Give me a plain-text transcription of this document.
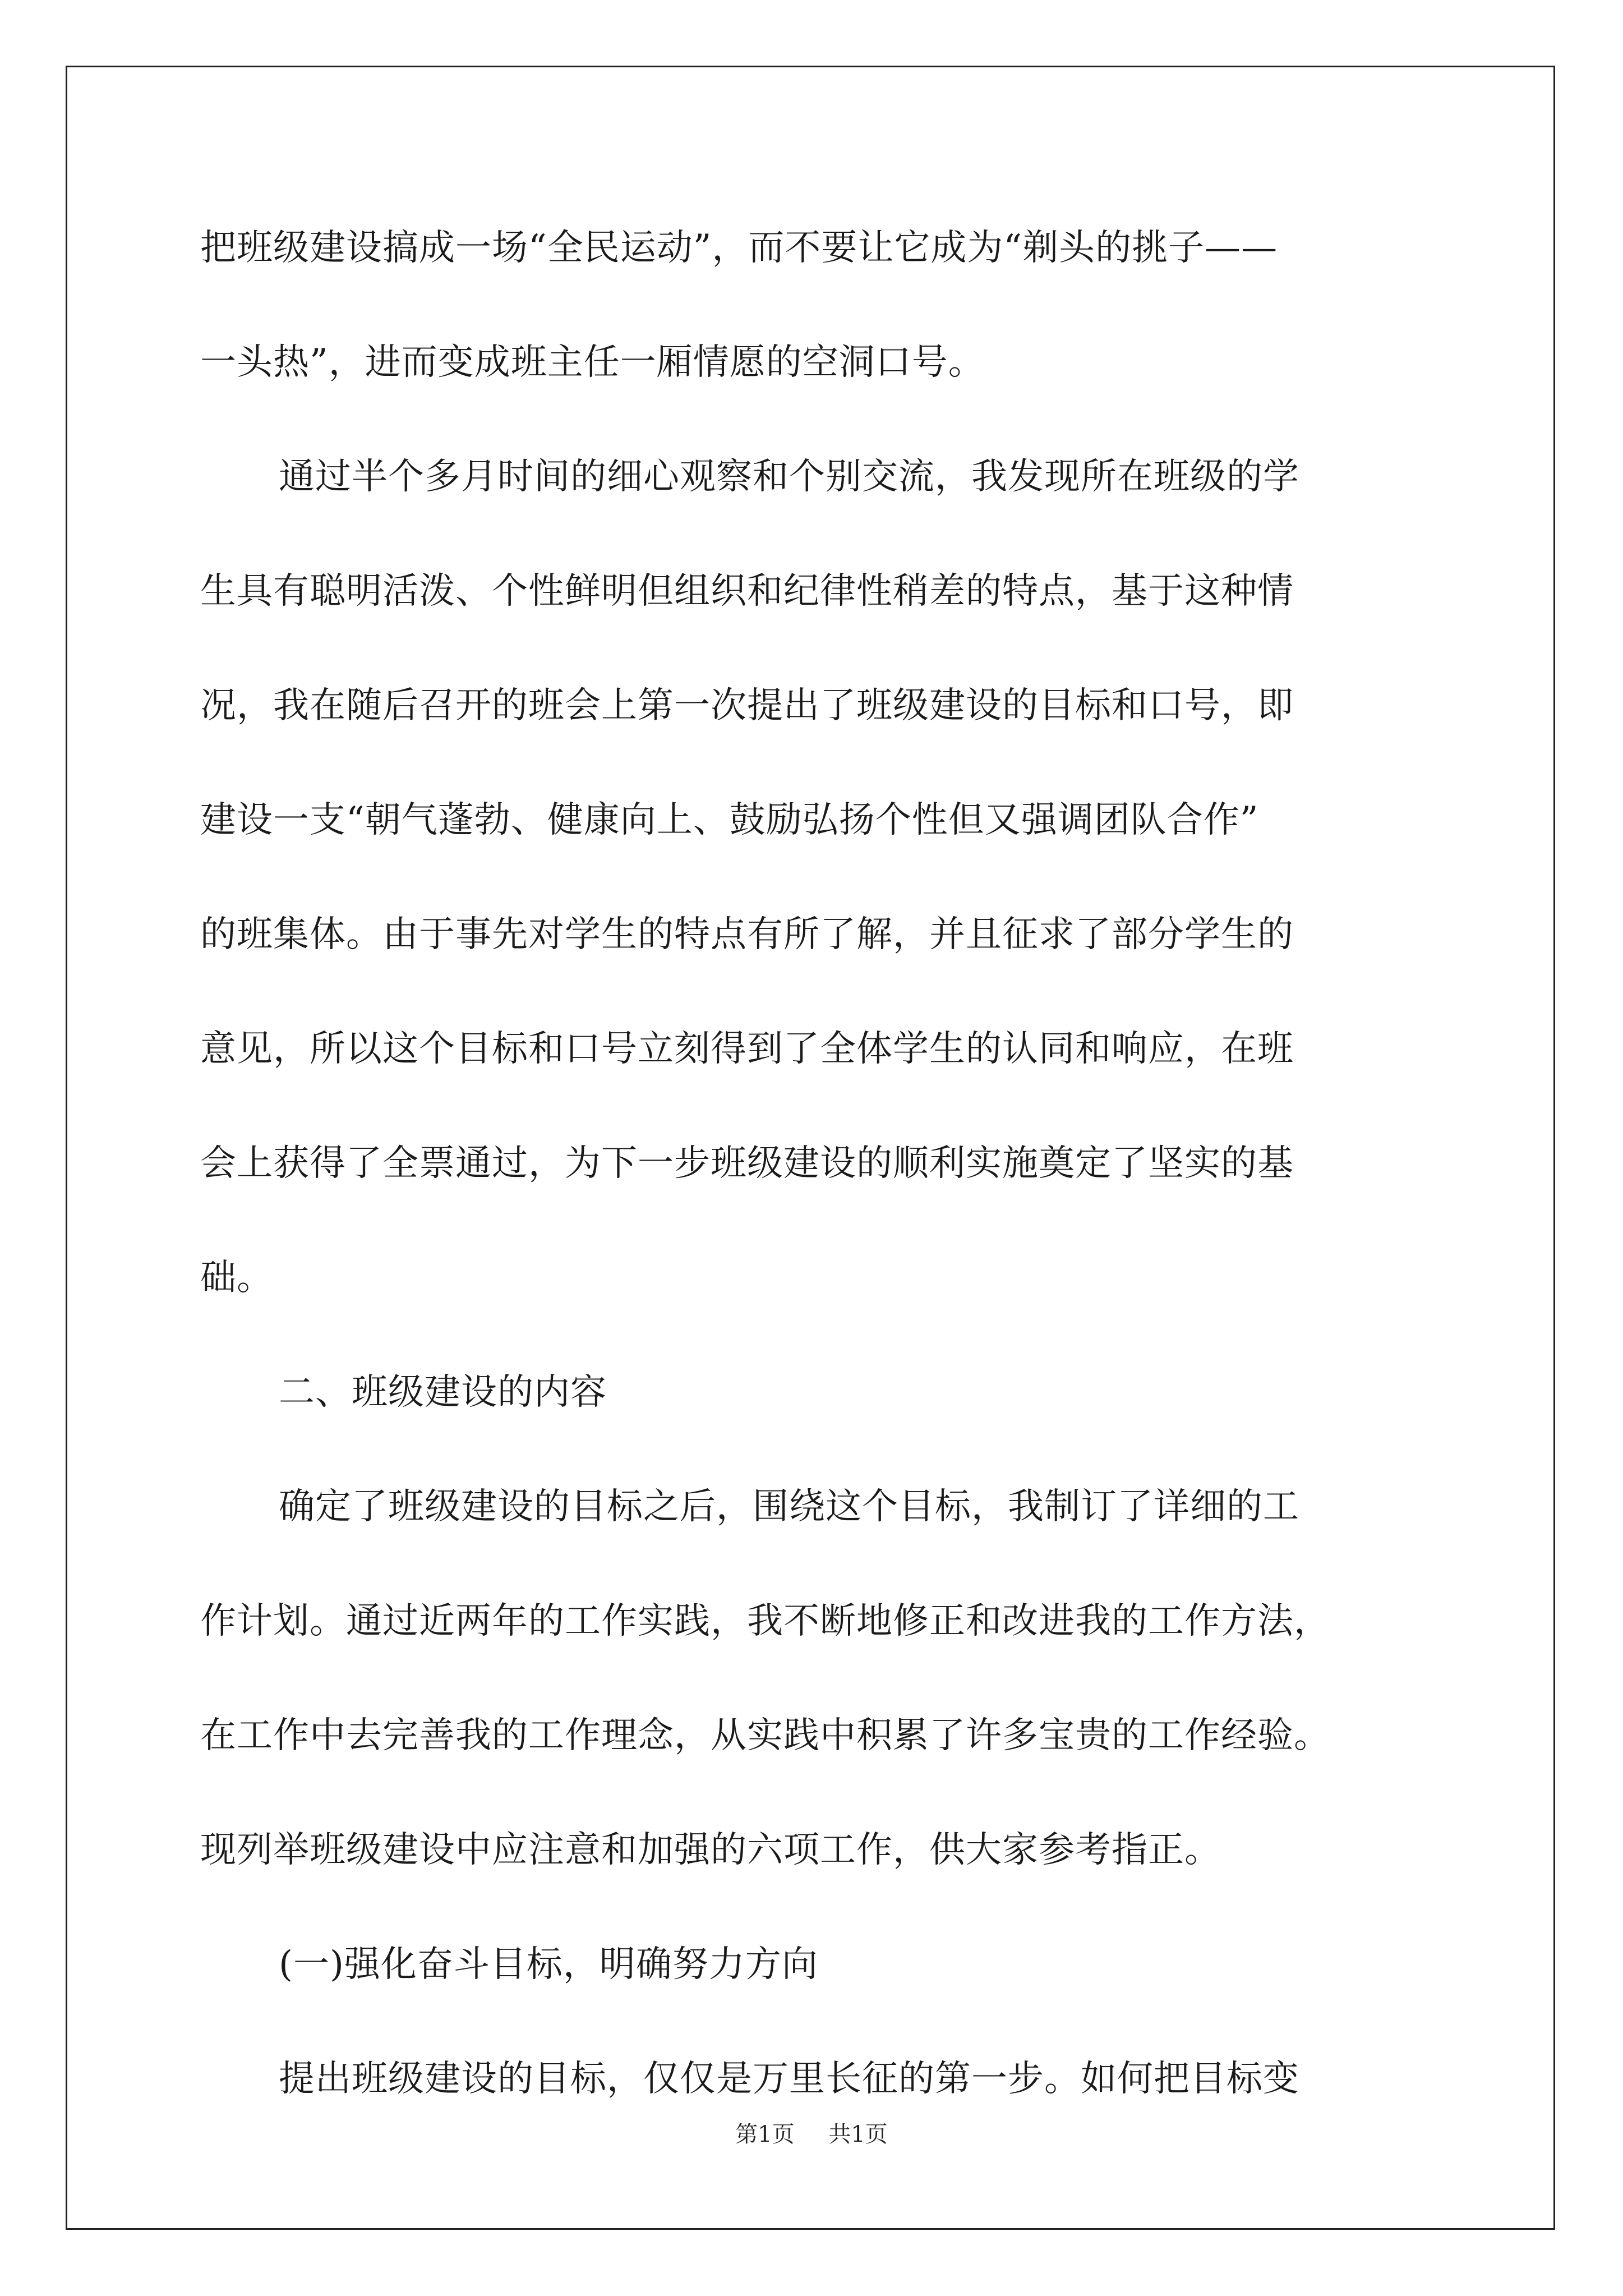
把班级建设搞成一场“全民运动”，而不要让它成为“剃头的挑子——
一头热”，进而变成班主任一厢情愿的空洞口号。
通过半个多月时间的细心观察和个别交流，我发现所在班级的学
生具有聪明活泼、个性鲜明但组织和纪律性稍差的特点，基于这种情
况，我在随后召开的班会上第一次提出了班级建设的目标和口号，即
建设一支“朝气蓬勃、健康向上、鼓励弘扬个性但又强调团队合作”
的班集体。由于事先对学生的特点有所了解，并且征求了部分学生的
意见，所以这个目标和口号立刻得到了全体学生的认同和响应，在班
会上获得了全票通过，为下一步班级建设的顺利实施奠定了坚实的基
础。
二、班级建设的内容
确定了班级建设的目标之后，围绕这个目标，我制订了详细的工
作计划。通过近两年的工作实践，我不断地修正和改进我的工作方法，
在工作中去完善我的工作理念，从实践中积累了许多宝贵的工作经验。
现列举班级建设中应注意和加强的六项工作，供大家参考指正。
(一)强化奋斗目标，明确努力方向
提出班级建设的目标，仅仅是万里长征的第一步。如何把目标变
第1页 共1页
